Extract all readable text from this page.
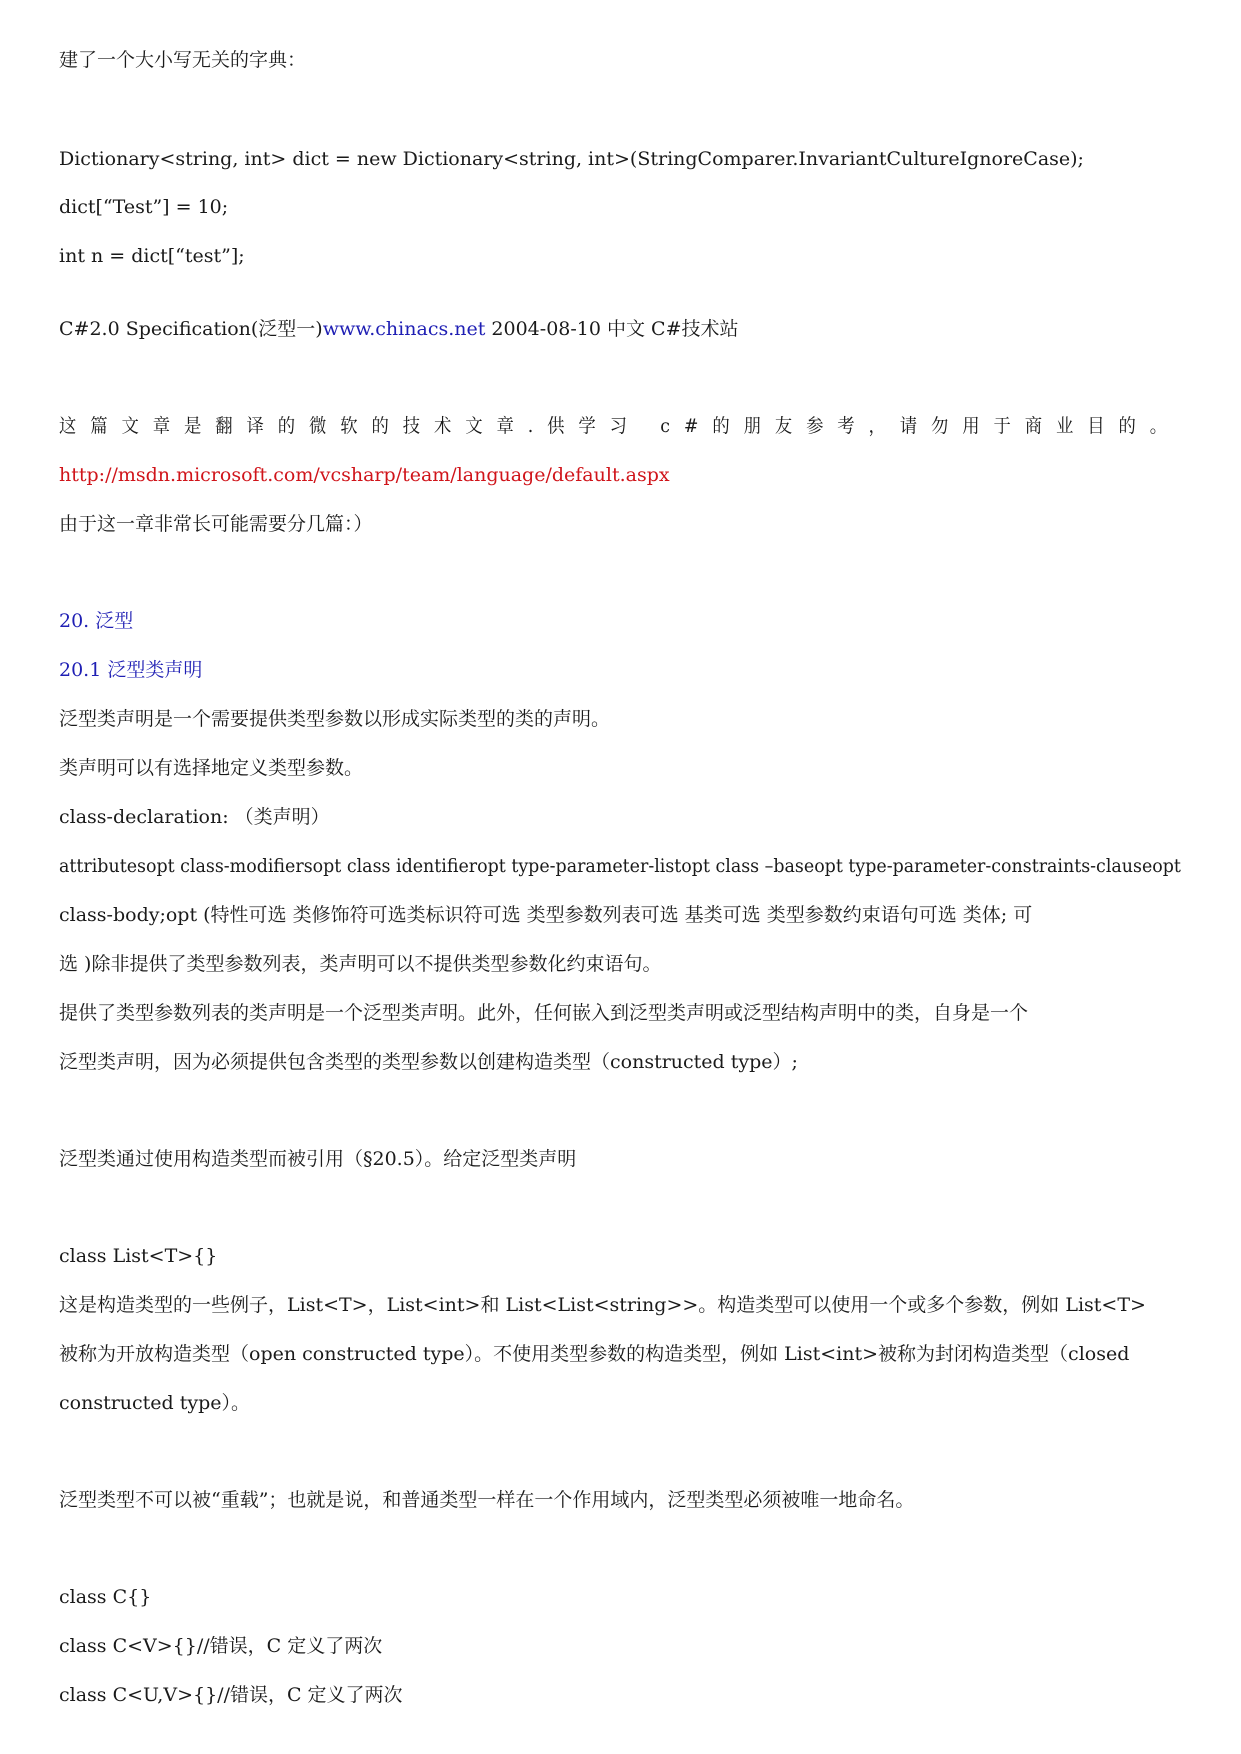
建了一个大小写无关的字典：
Dictionary<string, int> dict = new Dictionary<string, int>(StringComparer.InvariantCultureIgnoreCase);
dict[“Test”] = 10;
int n = dict[“test”];
C#2.0 Specification(泛型一)www.chinacs.net 2004-08-10 中文 C#技术站
这篇文章是翻译的微软的技术文章.供学习 c#的朋友参考，请勿用于商业目的。
http://msdn.microsoft.com/vcsharp/team/language/default.aspx
由于这一章非常长可能需要分几篇：）
20. 泛型
20.1 泛型类声明
泛型类声明是一个需要提供类型参数以形成实际类型的类的声明。
类声明可以有选择地定义类型参数。
class-declaration: （类声明）
attributesopt class-modifiersopt class identifieropt type-parameter-listopt class –baseopt type-parameter-constraints-clauseopt
class-body;opt (特性可选 类修饰符可选类标识符可选 类型参数列表可选 基类可选 类型参数约束语句可选 类体; 可
选 )除非提供了类型参数列表，类声明可以不提供类型参数化约束语句。
提供了类型参数列表的类声明是一个泛型类声明。此外，任何嵌入到泛型类声明或泛型结构声明中的类，自身是一个
泛型类声明，因为必须提供包含类型的类型参数以创建构造类型（constructed type）;
泛型类通过使用构造类型而被引用（§20.5）。给定泛型类声明
class List<T>{}
这是构造类型的一些例子，List<T>，List<int>和 List<List<string>>。构造类型可以使用一个或多个参数，例如 List<T>
被称为开放构造类型（open constructed type）。不使用类型参数的构造类型，例如 List<int>被称为封闭构造类型（closed
constructed type）。
泛型类型不可以被“重载”；也就是说，和普通类型一样在一个作用域内，泛型类型必须被唯一地命名。
class C{}
class C<V>{}//错误，C 定义了两次
class C<U,V>{}//错误，C 定义了两次
